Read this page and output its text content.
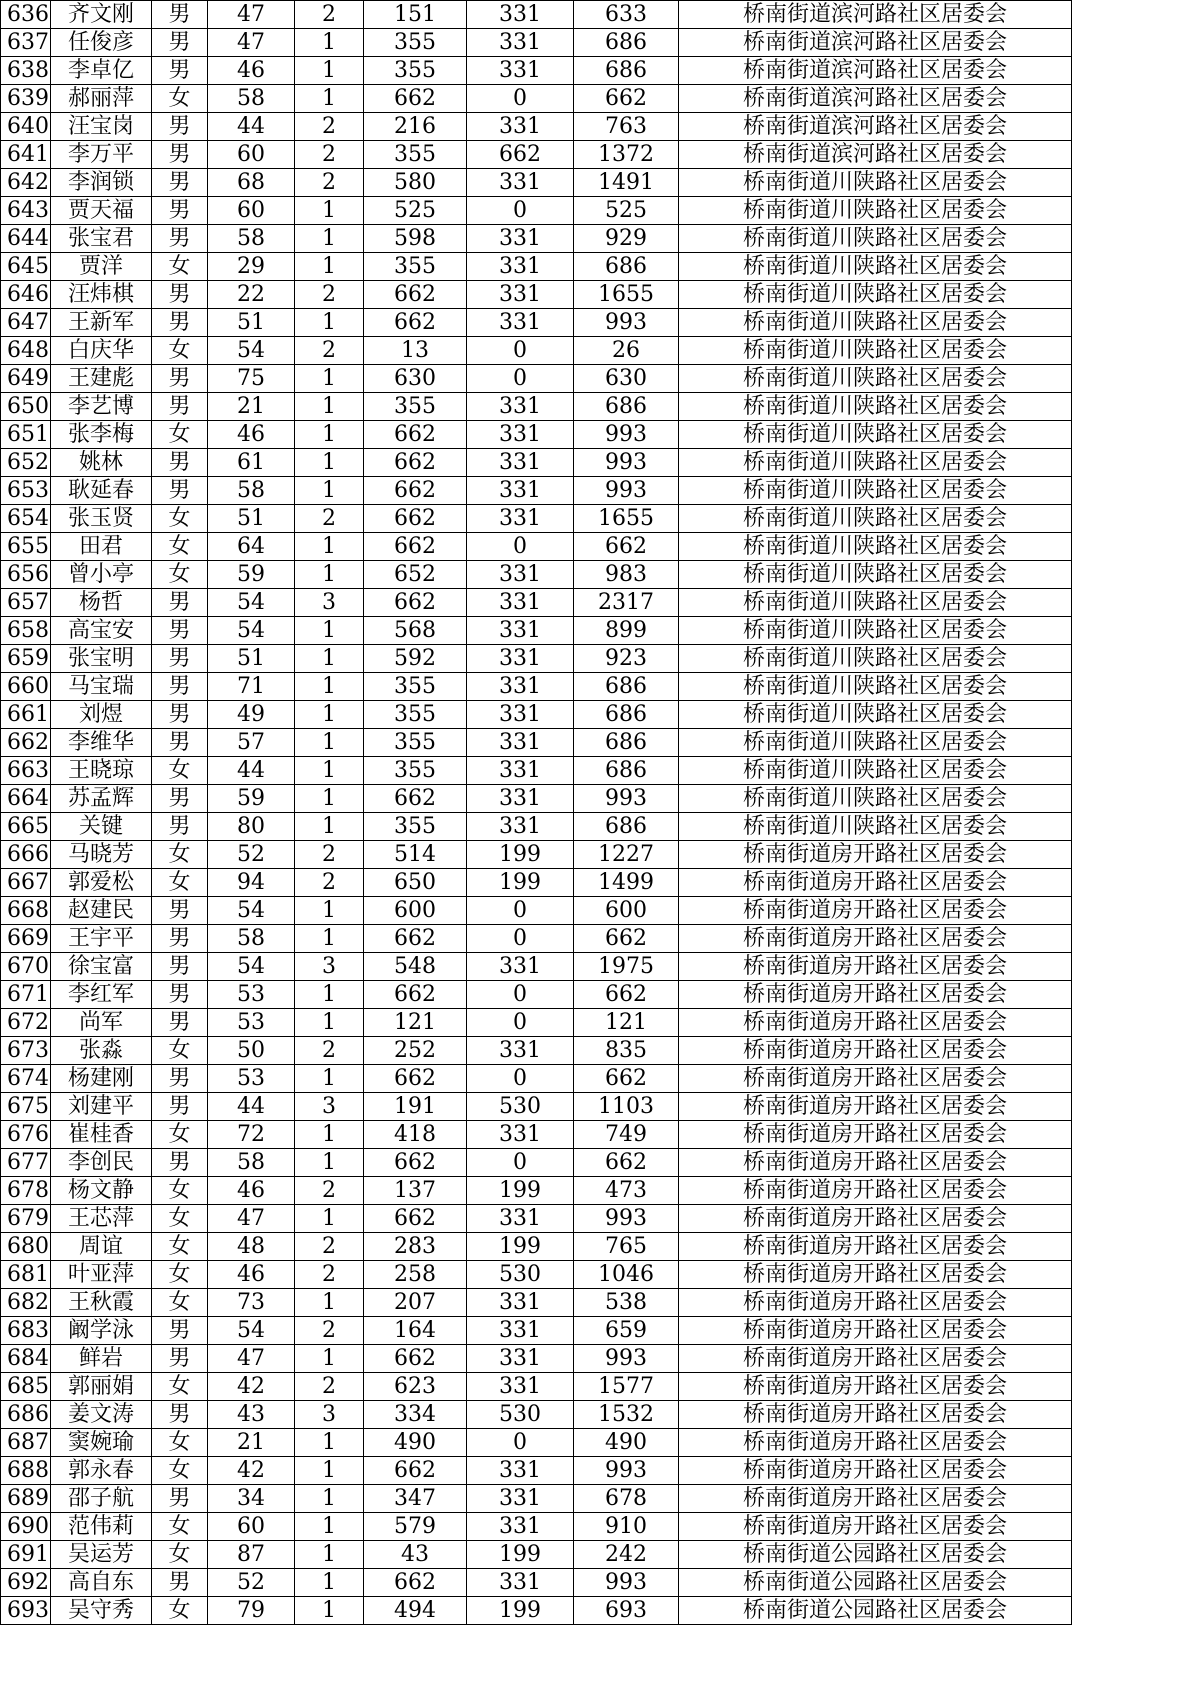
636	齐文刚	男	47	2	151	331	633	桥南街道滨河路社区居委会
637	任俊彦	男	47	1	355	331	686	桥南街道滨河路社区居委会
638	李卓亿	男	46	1	355	331	686	桥南街道滨河路社区居委会
639	郝丽萍	女	58	1	662	0	662	桥南街道滨河路社区居委会
640	汪宝岗	男	44	2	216	331	763	桥南街道滨河路社区居委会
641	李万平	男	60	2	355	662	1372	桥南街道滨河路社区居委会
642	李润锁	男	68	2	580	331	1491	桥南街道川陕路社区居委会
643	贾天福	男	60	1	525	0	525	桥南街道川陕路社区居委会
644	张宝君	男	58	1	598	331	929	桥南街道川陕路社区居委会
645	贾洋	女	29	1	355	331	686	桥南街道川陕路社区居委会
646	汪炜棋	男	22	2	662	331	1655	桥南街道川陕路社区居委会
647	王新军	男	51	1	662	331	993	桥南街道川陕路社区居委会
648	白庆华	女	54	2	13	0	26	桥南街道川陕路社区居委会
649	王建彪	男	75	1	630	0	630	桥南街道川陕路社区居委会
650	李艺博	男	21	1	355	331	686	桥南街道川陕路社区居委会
651	张李梅	女	46	1	662	331	993	桥南街道川陕路社区居委会
652	姚林	男	61	1	662	331	993	桥南街道川陕路社区居委会
653	耿延春	男	58	1	662	331	993	桥南街道川陕路社区居委会
654	张玉贤	女	51	2	662	331	1655	桥南街道川陕路社区居委会
655	田君	女	64	1	662	0	662	桥南街道川陕路社区居委会
656	曾小亭	女	59	1	652	331	983	桥南街道川陕路社区居委会
657	杨哲	男	54	3	662	331	2317	桥南街道川陕路社区居委会
658	高宝安	男	54	1	568	331	899	桥南街道川陕路社区居委会
659	张宝明	男	51	1	592	331	923	桥南街道川陕路社区居委会
660	马宝瑞	男	71	1	355	331	686	桥南街道川陕路社区居委会
661	刘煜	男	49	1	355	331	686	桥南街道川陕路社区居委会
662	李维华	男	57	1	355	331	686	桥南街道川陕路社区居委会
663	王晓琼	女	44	1	355	331	686	桥南街道川陕路社区居委会
664	苏孟辉	男	59	1	662	331	993	桥南街道川陕路社区居委会
665	关键	男	80	1	355	331	686	桥南街道川陕路社区居委会
666	马晓芳	女	52	2	514	199	1227	桥南街道房开路社区居委会
667	郭爱松	女	94	2	650	199	1499	桥南街道房开路社区居委会
668	赵建民	男	54	1	600	0	600	桥南街道房开路社区居委会
669	王宇平	男	58	1	662	0	662	桥南街道房开路社区居委会
670	徐宝富	男	54	3	548	331	1975	桥南街道房开路社区居委会
671	李红军	男	53	1	662	0	662	桥南街道房开路社区居委会
672	尚军	男	53	1	121	0	121	桥南街道房开路社区居委会
673	张淼	女	50	2	252	331	835	桥南街道房开路社区居委会
674	杨建刚	男	53	1	662	0	662	桥南街道房开路社区居委会
675	刘建平	男	44	3	191	530	1103	桥南街道房开路社区居委会
676	崔桂香	女	72	1	418	331	749	桥南街道房开路社区居委会
677	李创民	男	58	1	662	0	662	桥南街道房开路社区居委会
678	杨文静	女	46	2	137	199	473	桥南街道房开路社区居委会
679	王芯萍	女	47	1	662	331	993	桥南街道房开路社区居委会
680	周谊	女	48	2	283	199	765	桥南街道房开路社区居委会
681	叶亚萍	女	46	2	258	530	1046	桥南街道房开路社区居委会
682	王秋霞	女	73	1	207	331	538	桥南街道房开路社区居委会
683	阚学泳	男	54	2	164	331	659	桥南街道房开路社区居委会
684	鲜岩	男	47	1	662	331	993	桥南街道房开路社区居委会
685	郭丽娟	女	42	2	623	331	1577	桥南街道房开路社区居委会
686	姜文涛	男	43	3	334	530	1532	桥南街道房开路社区居委会
687	窦婉瑜	女	21	1	490	0	490	桥南街道房开路社区居委会
688	郭永春	女	42	1	662	331	993	桥南街道房开路社区居委会
689	邵子航	男	34	1	347	331	678	桥南街道房开路社区居委会
690	范伟莉	女	60	1	579	331	910	桥南街道房开路社区居委会
691	吴运芳	女	87	1	43	199	242	桥南街道公园路社区居委会
692	高自东	男	52	1	662	331	993	桥南街道公园路社区居委会
693	吴守秀	女	79	1	494	199	693	桥南街道公园路社区居委会
